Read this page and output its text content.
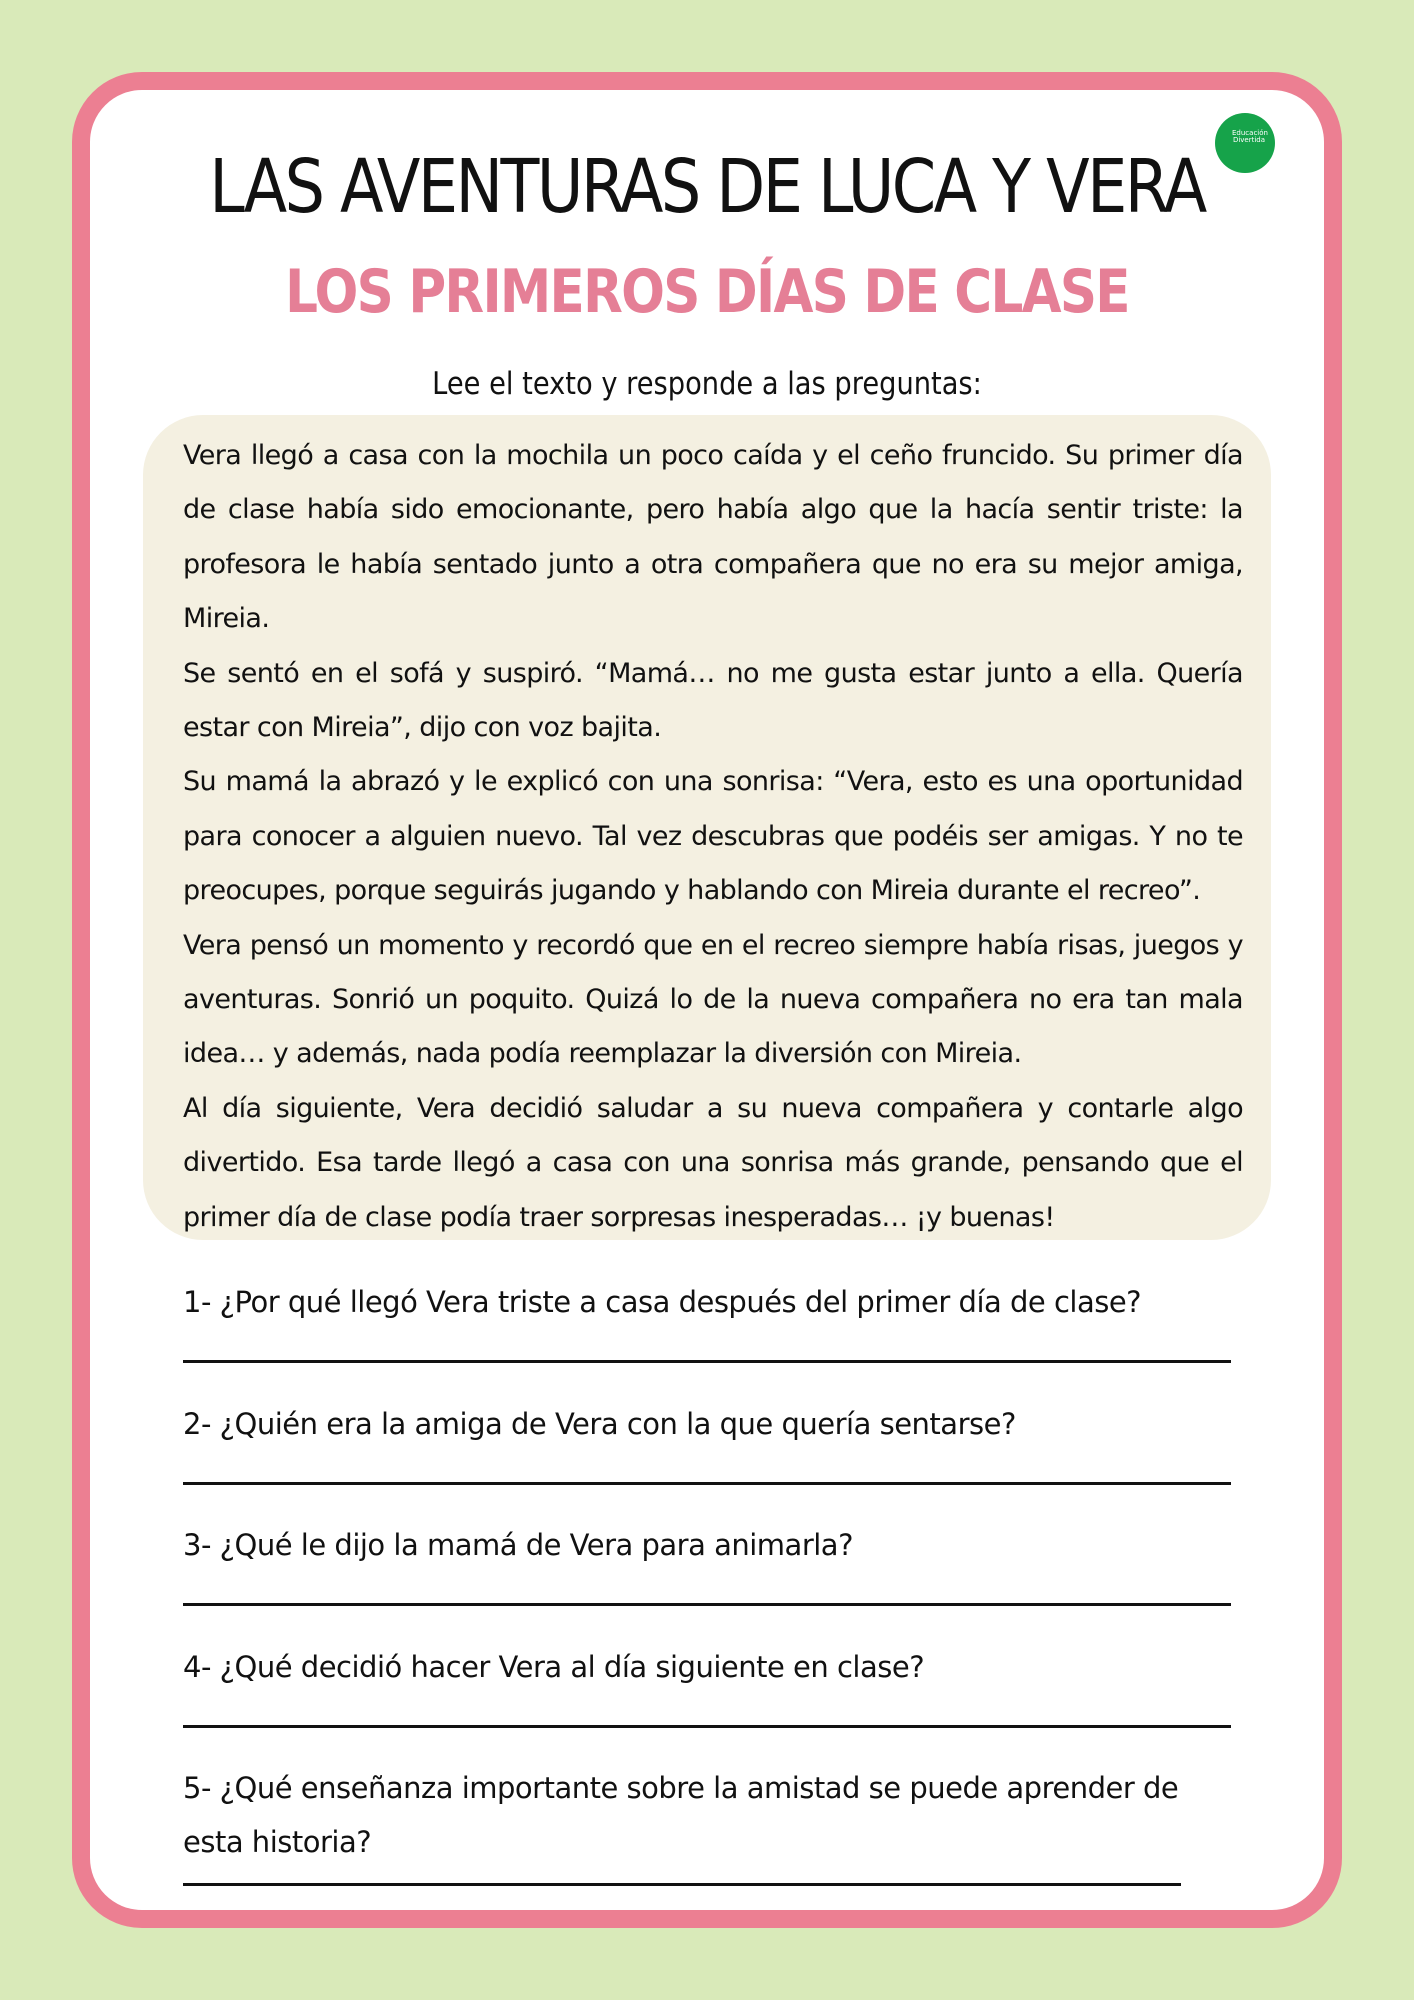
Educación Divertida
LAS AVENTURAS DE LUCA Y VERA
LOS PRIMEROS DÍAS DE CLASE
Lee el texto y responde a las preguntas:

Vera llegó a casa con la mochila un poco caída y el ceño fruncido. Su primer día de clase había sido emocionante, pero había algo que la hacía sentir triste: la profesora le había sentado junto a otra compañera que no era su mejor amiga, Mireia.

Se sentó en el sofá y suspiró. “Mamá… no me gusta estar junto a ella. Quería estar con Mireia”, dijo con voz bajita.

Su mamá la abrazó y le explicó con una sonrisa: “Vera, esto es una oportunidad para conocer a alguien nuevo. Tal vez descubras que podéis ser amigas. Y no te preocupes, porque seguirás jugando y hablando con Mireia durante el recreo”.

Vera pensó un momento y recordó que en el recreo siempre había risas, juegos y aventuras. Sonrió un poquito. Quizá lo de la nueva compañera no era tan mala idea… y además, nada podía reemplazar la diversión con Mireia.

Al día siguiente, Vera decidió saludar a su nueva compañera y contarle algo divertido. Esa tarde llegó a casa con una sonrisa más grande, pensando que el primer día de clase podía traer sorpresas inesperadas… ¡y buenas!

1- ¿Por qué llegó Vera triste a casa después del primer día de clase?

2- ¿Quién era la amiga de Vera con la que quería sentarse?

3- ¿Qué le dijo la mamá de Vera para animarla?

4- ¿Qué decidió hacer Vera al día siguiente en clase?

5- ¿Qué enseñanza importante sobre la amistad se puede aprender de esta historia?
